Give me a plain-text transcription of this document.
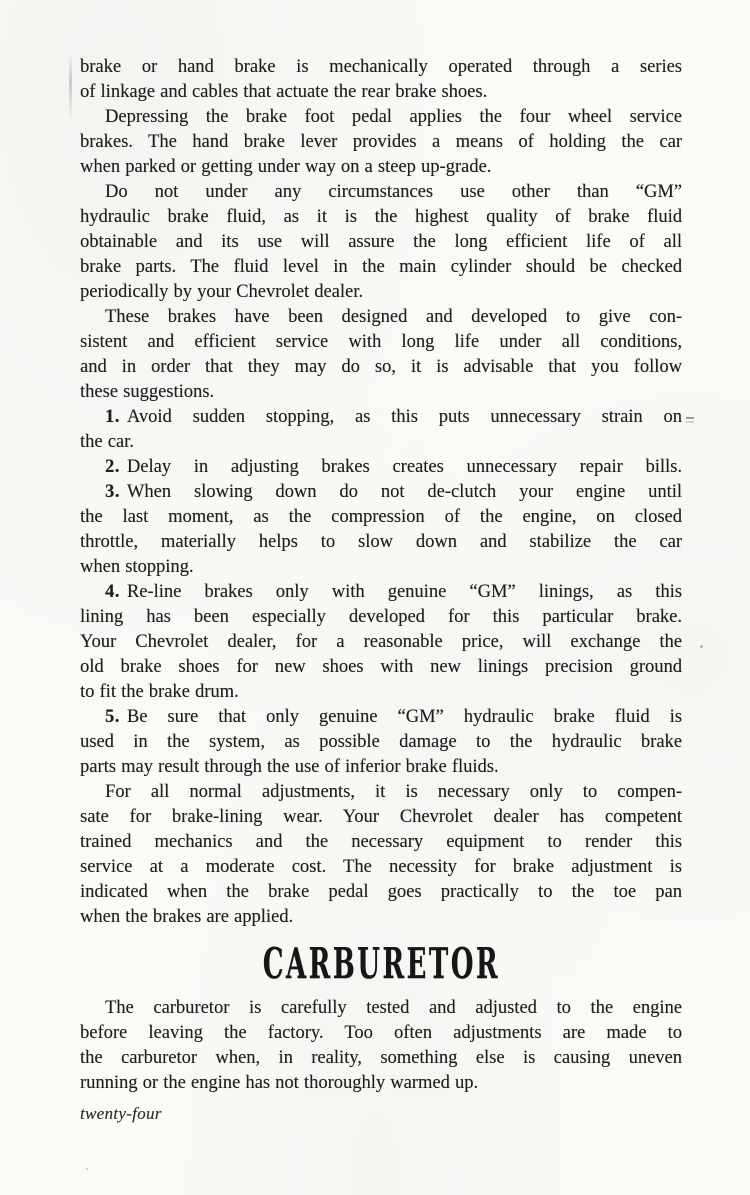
brake or hand brake is mechanically operated through a series
of linkage and cables that actuate the rear brake shoes.
Depressing the brake foot pedal applies the four wheel service
brakes. The hand brake lever provides a means of holding the car
when parked or getting under way on a steep up-grade.
Do not under any circumstances use other than “GM”
hydraulic brake fluid, as it is the highest quality of brake fluid
obtainable and its use will assure the long efficient life of all
brake parts. The fluid level in the main cylinder should be checked
periodically by your Chevrolet dealer.
These brakes have been designed and developed to give con-
sistent and efficient service with long life under all conditions,
and in order that they may do so, it is advisable that you follow
these suggestions.
1. Avoid sudden stopping, as this puts unnecessary strain on
the car.
2. Delay in adjusting brakes creates unnecessary repair bills.
3. When slowing down do not de-clutch your engine until
the last moment, as the compression of the engine, on closed
throttle, materially helps to slow down and stabilize the car
when stopping.
4. Re-line brakes only with genuine “GM” linings, as this
lining has been especially developed for this particular brake.
Your Chevrolet dealer, for a reasonable price, will exchange the
old brake shoes for new shoes with new linings precision ground
to fit the brake drum.
5. Be sure that only genuine “GM” hydraulic brake fluid is
used in the system, as possible damage to the hydraulic brake
parts may result through the use of inferior brake fluids.
For all normal adjustments, it is necessary only to compen-
sate for brake-lining wear. Your Chevrolet dealer has competent
trained mechanics and the necessary equipment to render this
service at a moderate cost. The necessity for brake adjustment is
indicated when the brake pedal goes practically to the toe pan
when the brakes are applied.
CARBURETOR
The carburetor is carefully tested and adjusted to the engine
before leaving the factory. Too often adjustments are made to
the carburetor when, in reality, something else is causing uneven
running or the engine has not thoroughly warmed up.
twenty-four
